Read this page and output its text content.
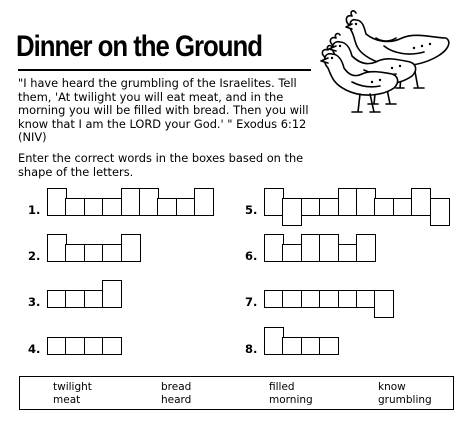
Dinner on the Ground

"I have heard the grumbling of the Israelites. Tell them, 'At twilight you will eat meat, and in the morning you will be filled with bread. Then you will know that I am the LORD your God.' " Exodus 6:12 (NIV)

Enter the correct words in the boxes based on the shape of the letters.

1.
2.
3.
4.
5.
6.
7.
8.
twilight	bread	filled	know
meat	heard	morning	grumbling
